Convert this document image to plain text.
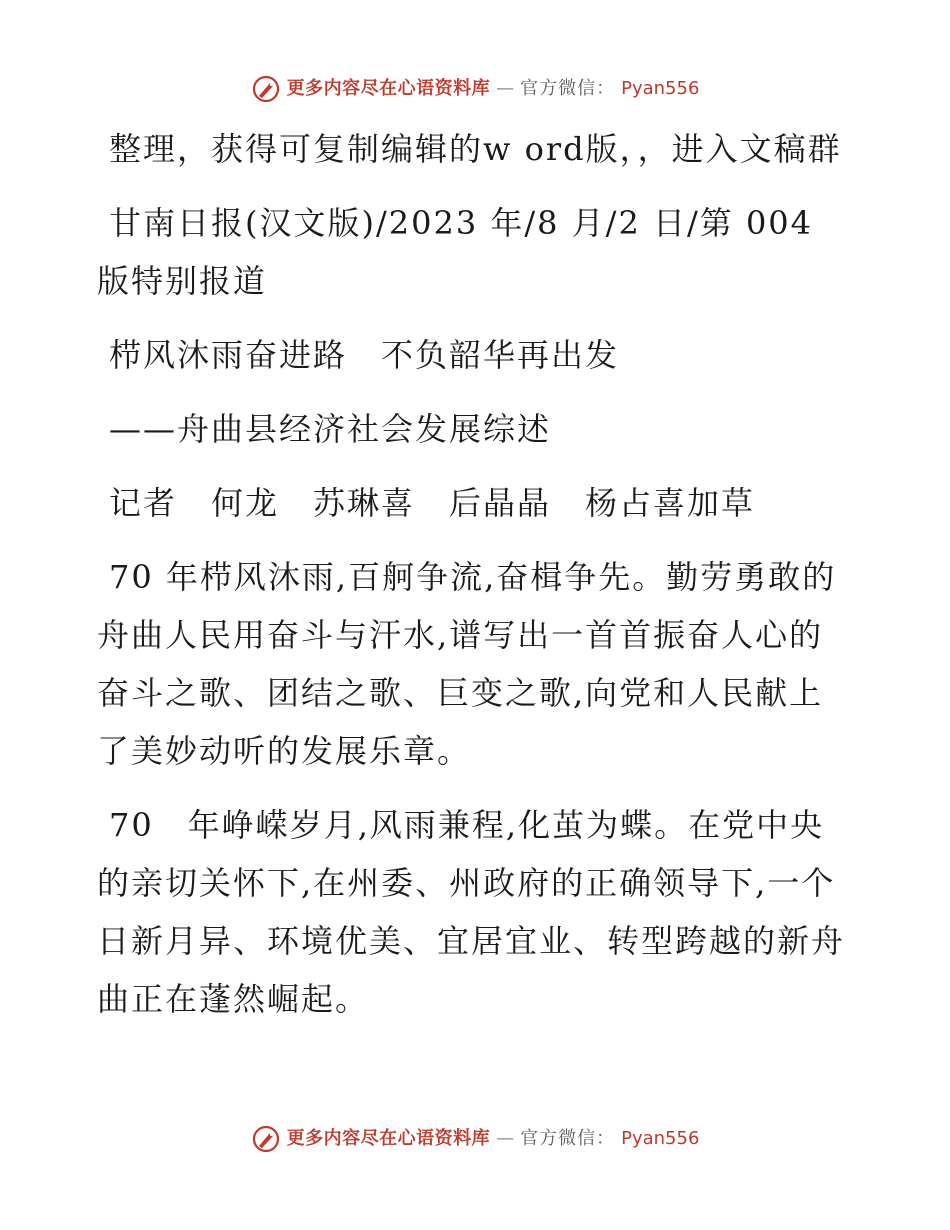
更多内容尽在心语资料库 — 官方微信： Pyan556

整理，获得可复制编辑的w ord版，，进入文稿群

甘南日报(汉文版)/2023 年/8 月/2 日/第 004 版特别报道

栉风沐雨奋进路　不负韶华再出发

——舟曲县经济社会发展综述

记者　何龙　苏琳喜　后晶晶　杨占喜加草

70 年栉风沐雨,百舸争流,奋楫争先。勤劳勇敢的舟曲人民用奋斗与汗水,谱写出一首首振奋人心的奋斗之歌、团结之歌、巨变之歌,向党和人民献上了美妙动听的发展乐章。

70　年峥嵘岁月,风雨兼程,化茧为蝶。在党中央的亲切关怀下,在州委、州政府的正确领导下,一个日新月异、环境优美、宜居宜业、转型跨越的新舟曲正在蓬然崛起。

更多内容尽在心语资料库 — 官方微信： Pyan556
